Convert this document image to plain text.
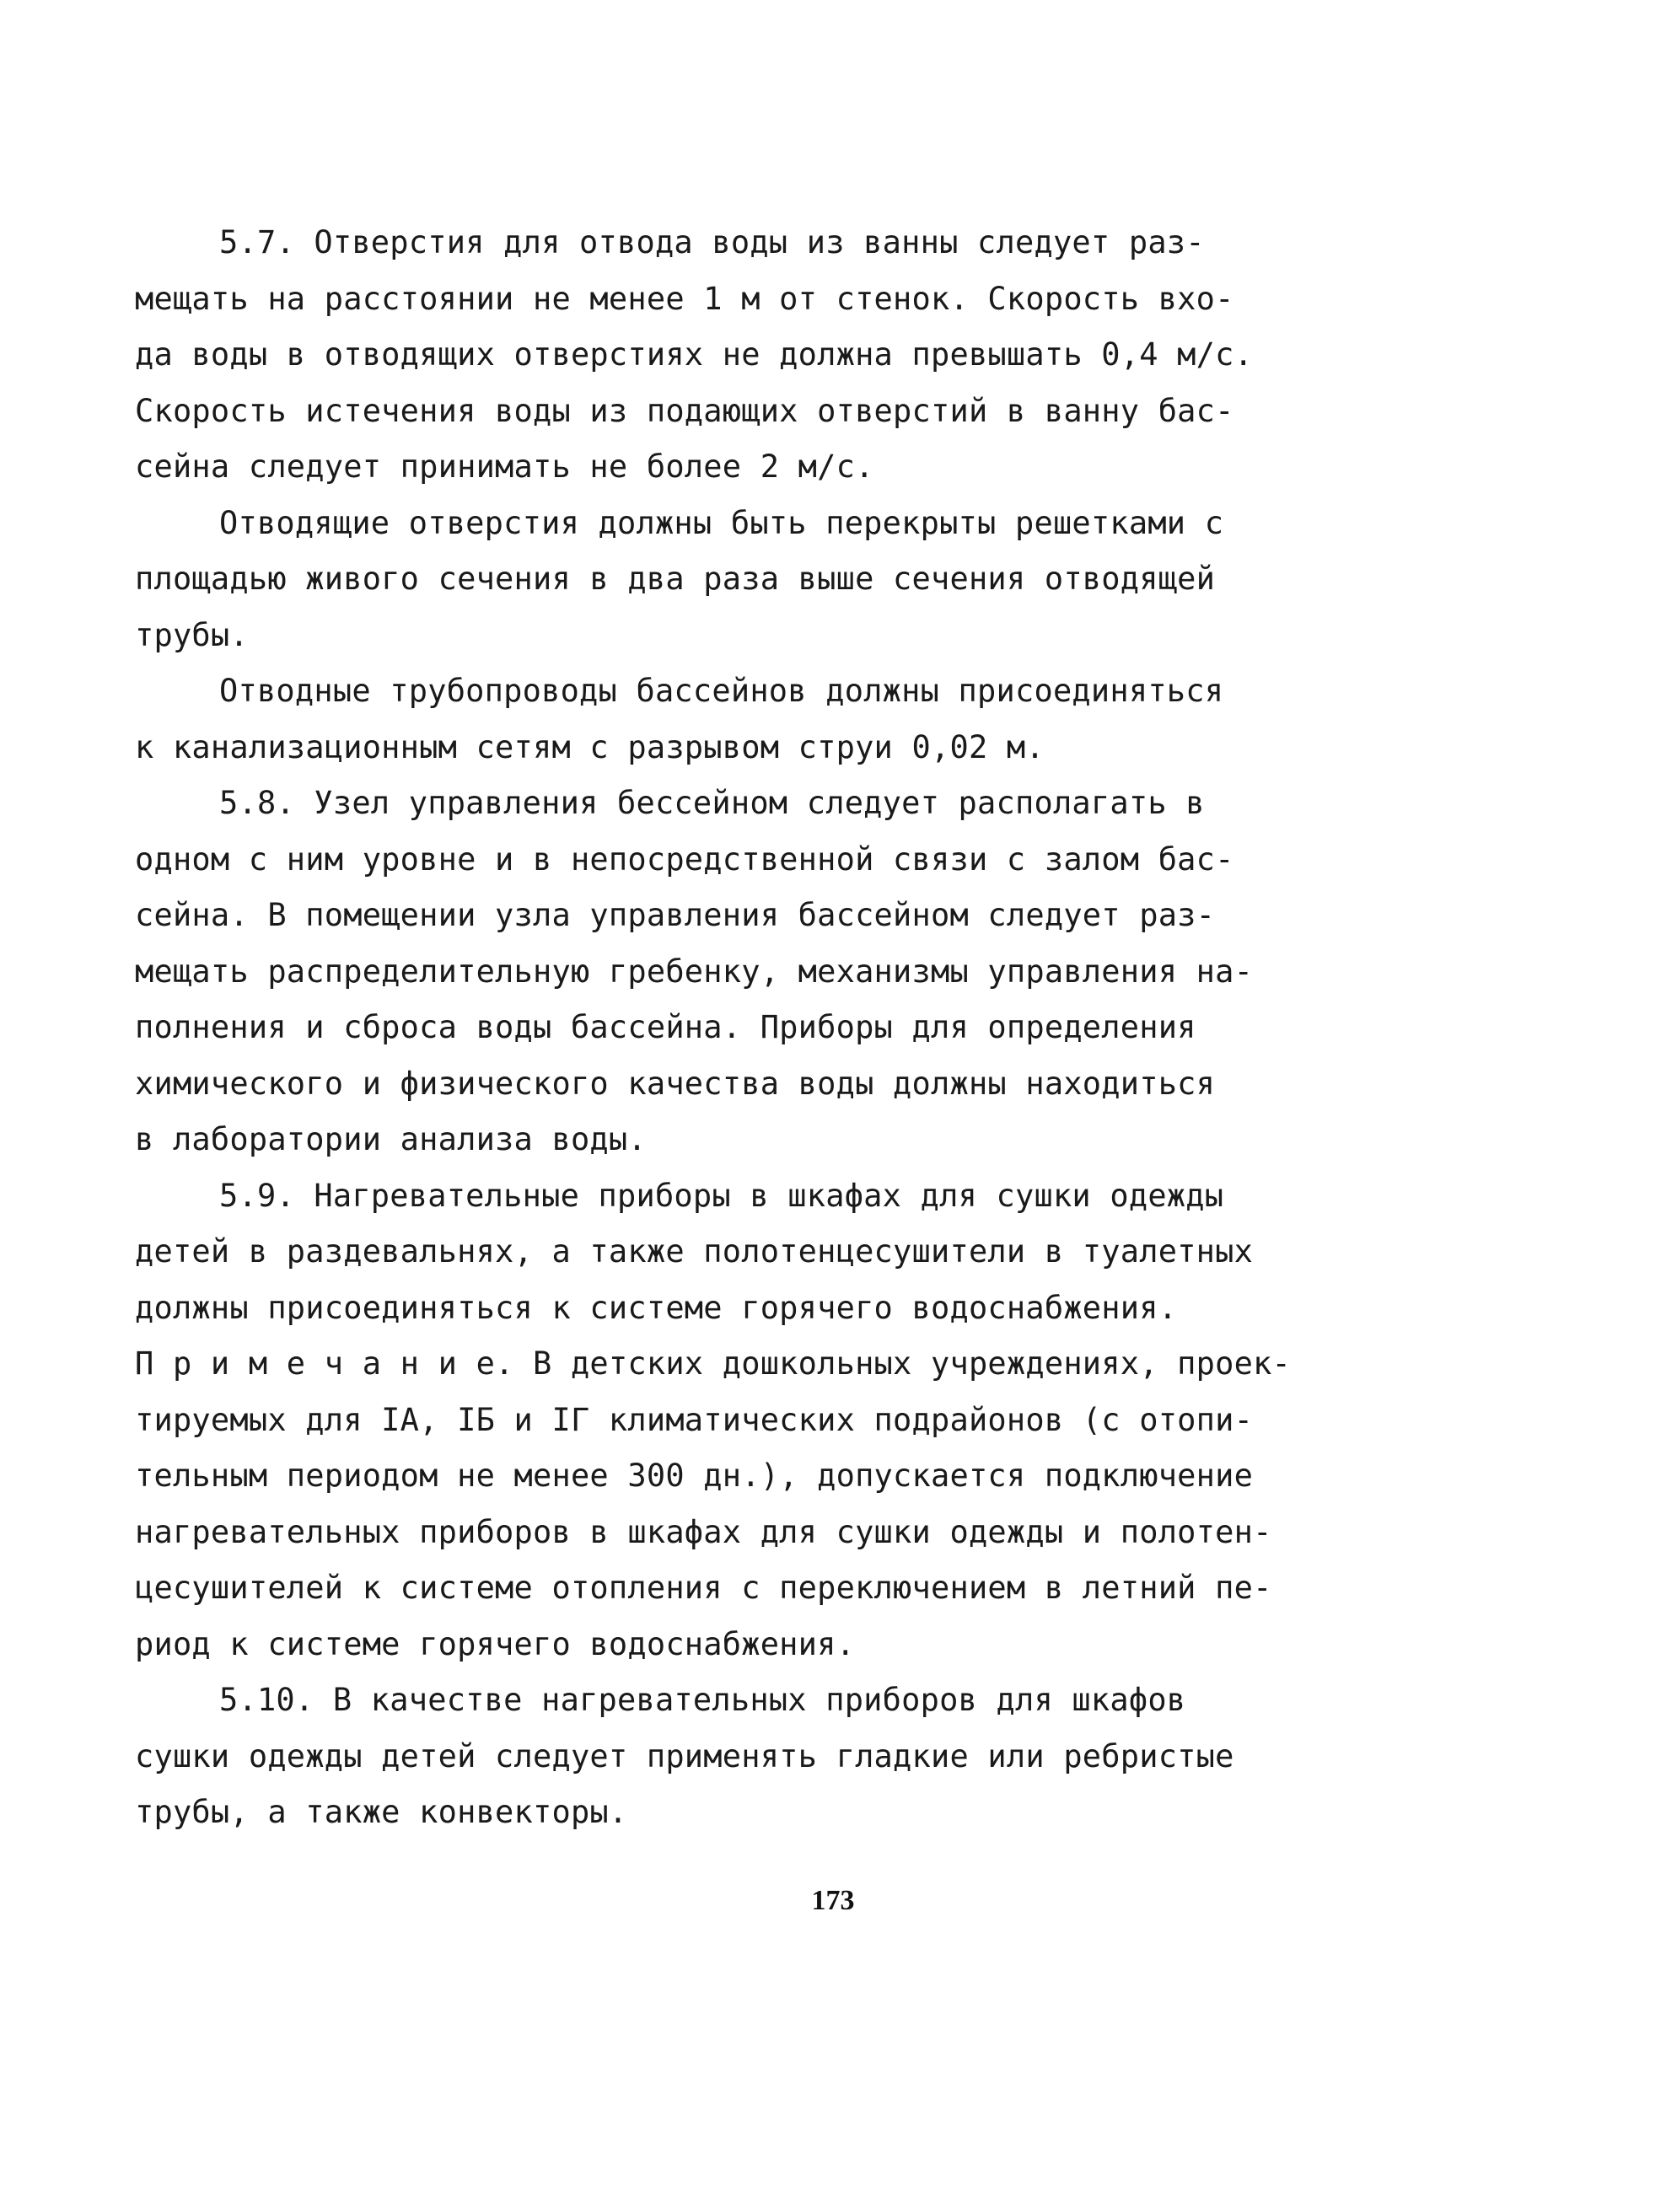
5.7. Отверстия для отвода воды из ванны следует раз-
мещать на расстоянии не менее 1 м от стенок. Скорость вхо-
да воды в отводящих отверстиях не должна превышать 0,4 м/с.
Скорость истечения воды из подающих отверстий в ванну бас-
сейна следует принимать не более 2 м/с.
Отводящие отверстия должны быть перекрыты решетками с
площадью живого сечения в два раза выше сечения отводящей
трубы.
Отводные трубопроводы бассейнов должны присоединяться
к канализационным сетям с разрывом струи 0,02 м.
5.8. Узел управления бессейном следует располагать в
одном с ним уровне и в непосредственной связи с залом бас-
сейна. В помещении узла управления бассейном следует раз-
мещать распределительную гребенку, механизмы управления на-
полнения и сброса воды бассейна. Приборы для определения
химического и физического качества воды должны находиться
в лаборатории анализа воды.
5.9. Нагревательные приборы в шкафах для сушки одежды
детей в раздевальнях, а также полотенцесушители в туалетных
должны присоединяться к системе горячего водоснабжения.
П р и м е ч а н и е. В детских дошкольных учреждениях, проек-
тируемых для IА, IБ и IГ климатических подрайонов (с отопи-
тельным периодом не менее 300 дн.), допускается подключение
нагревательных приборов в шкафах для сушки одежды и полотен-
цесушителей к системе отопления с переключением в летний пе-
риод к системе горячего водоснабжения.
5.10. В качестве нагревательных приборов для шкафов
сушки одежды детей следует применять гладкие или ребристые
трубы, а также конвекторы.
173
